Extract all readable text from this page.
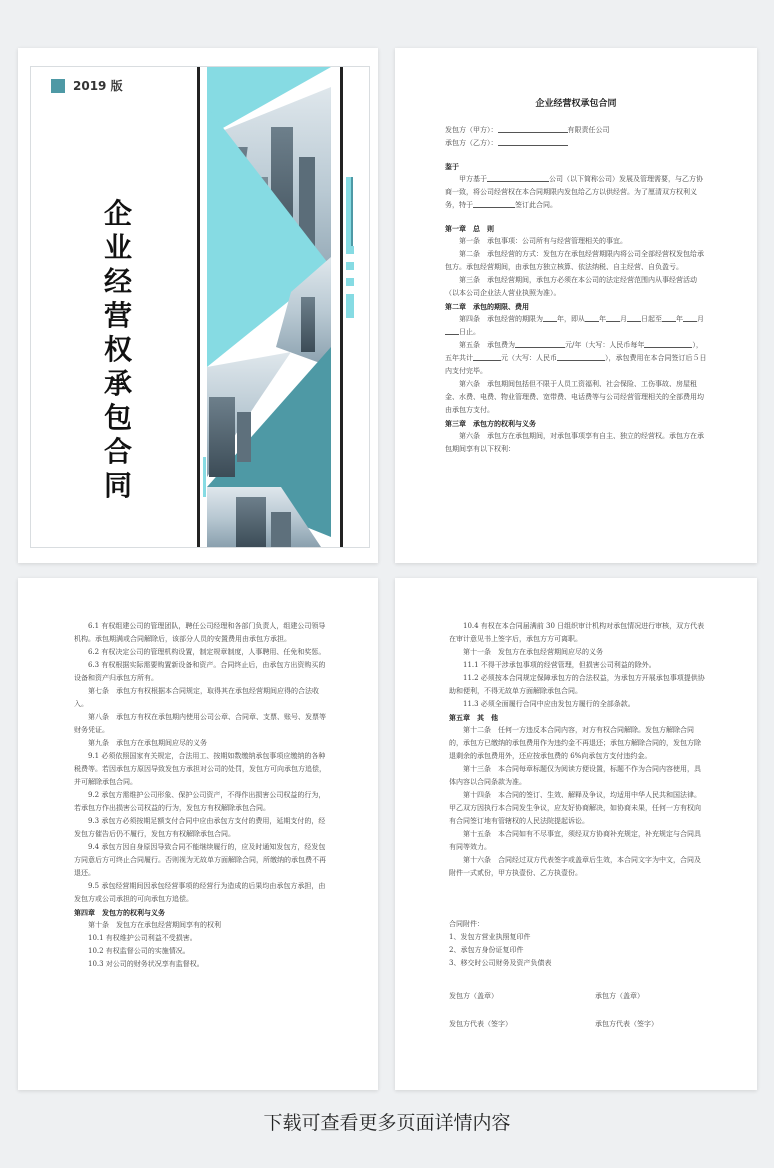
2019 版
企业经营权承包合同
企业经营权承包合同

发包方（甲方）：	有限责任公司

承包方（乙方）：

鉴于

甲方基于	公司（以下简称公司）发展及管理需要，与乙方协商一致，将公司经营权在本合同期限内发包给乙方以供经营。为了厘清双方权利义务，特于	签订此合同。

第一章　总　则

第一条　承包事项：公司所有与经营管理相关的事宜。

第二条　承包经营的方式：发包方在承包经营期限内将公司全部经营权发包给承包方。承包经营期间，由承包方独立核算、依法纳税、自主经营、自负盈亏。

第三条　承包经营期间，承包方必须在本公司的法定经营范围内从事经营活动（以本公司企业法人营业执照为准）。

第二章　承包的期限、费用

第四条　承包经营的期限为 年，即从 年 月 日起至 年 月日止。

第五条　承包费为	元/年（大写：人民币每年	），五年共计	元（大写：人民币	），承包费用在本合同签订后５日内支付完毕。

第六条　承包期间包括但不限于人员工资福利、社会保险、工伤事故、房屋租金、水费、电费、物业管理费、宽带费、电话费等与公司经营管理相关的全部费用均由承包方支付。

第三章　承包方的权利与义务

第六条　承包方在承包期间，对承包事项享有自主、独立的经营权。承包方在承包期间享有以下权利：

6.1 有权组建公司的管理团队，聘任公司经理和各部门负责人，组建公司领导机构。承包期满或合同解除后，该部分人员的安置费用由承包方承担。

6.2 有权决定公司的管理机构设置，制定规章制度，人事聘用、任免和奖惩。

6.3 有权根据实际需要购置新设备和资产。合同终止后，由承包方出资购买的设备和资产归承包方所有。

第七条　承包方有权根据本合同规定，取得其在承包经营期间应得的合法收入。

第八条　承包方有权在承包期内使用公司公章、合同章、支票、账号、发票等财务凭证。

第九条　承包方在承包期间应尽的义务

9.1 必须依照国家有关规定，合法用工、按期如数缴纳承包事项应缴纳的各种税费等。若因承包方原因导致发包方承担对公司的处罚，发包方可向承包方追偿，并可解除承包合同。

9.2 承包方需维护公司形象、保护公司资产，不得作出损害公司权益的行为，若承包方作出损害公司权益的行为，发包方有权解除承包合同。

9.3 承包方必须按期足额支付合同中应由承包方支付的费用，延期支付的，经发包方催告后仍不履行，发包方有权解除承包合同。

9.4 承包方因自身原因导致合同不能继续履行的，应及时通知发包方，经发包方同意后方可终止合同履行。否则视为无故单方面解除合同，所缴纳的承包费不再退还。

9.5 承包经营期间因承包经营事项的经营行为造成的后果均由承包方承担，由发包方或公司承担的可向承包方追偿。

第四章　发包方的权利与义务

第十条　发包方在承包经营期间享有的权利

10.1 有权维护公司利益不受损害。

10.2 有权监督公司的实施情况。

10.3 对公司的财务状况享有监督权。

10.4 有权在本合同届满前 30 日组织审计机构对承包情况进行审核，双方代表在审计意见书上签字后，承包方方可离职。

第十一条　发包方在承包经营期间应尽的义务

11.1 不得干涉承包事项的经营管理，但损害公司利益的除外。

11.2 必须按本合同规定保障承包方的合法权益，为承包方开展承包事项提供协助和便利，不得无故单方面解除承包合同。

11.3 必须全面履行合同中应由发包方履行的全部条款。

第五章　其　他

第十二条　任何一方违反本合同内容，对方有权合同解除。发包方解除合同的，承包方已缴纳的承包费用作为违约金不再退还；承包方解除合同的，发包方除退剩余的承包费用外，还应按承包费的 6%向承包方支付违约金。

第十三条　本合同每章标题仅为阅读方便设置，标题不作为合同内容使用，具体内容以合同条款为准。

第十四条　本合同的签订、生效、解释及争议，均适用中华人民共和国法律。甲乙双方因执行本合同发生争议，应友好协商解决，如协商未果，任何一方有权向有合同签订地有管辖权的人民法院提起诉讼。

第十五条　本合同如有不尽事宜，须经双方协商补充规定，补充规定与合同具有同等效力。

第十六条　合同经过双方代表签字或盖章后生效，本合同文字为中文，合同及附件一式贰份，甲方执壹份、乙方执壹份。

合同附件：

1、发包方营业执照复印件

2、承包方身份证复印件

3、移交时公司财务及资产负债表

发包方（盖章）	承包方（盖章）
发包方代表（签字）	承包方代表（签字）
下载可查看更多页面详情内容
